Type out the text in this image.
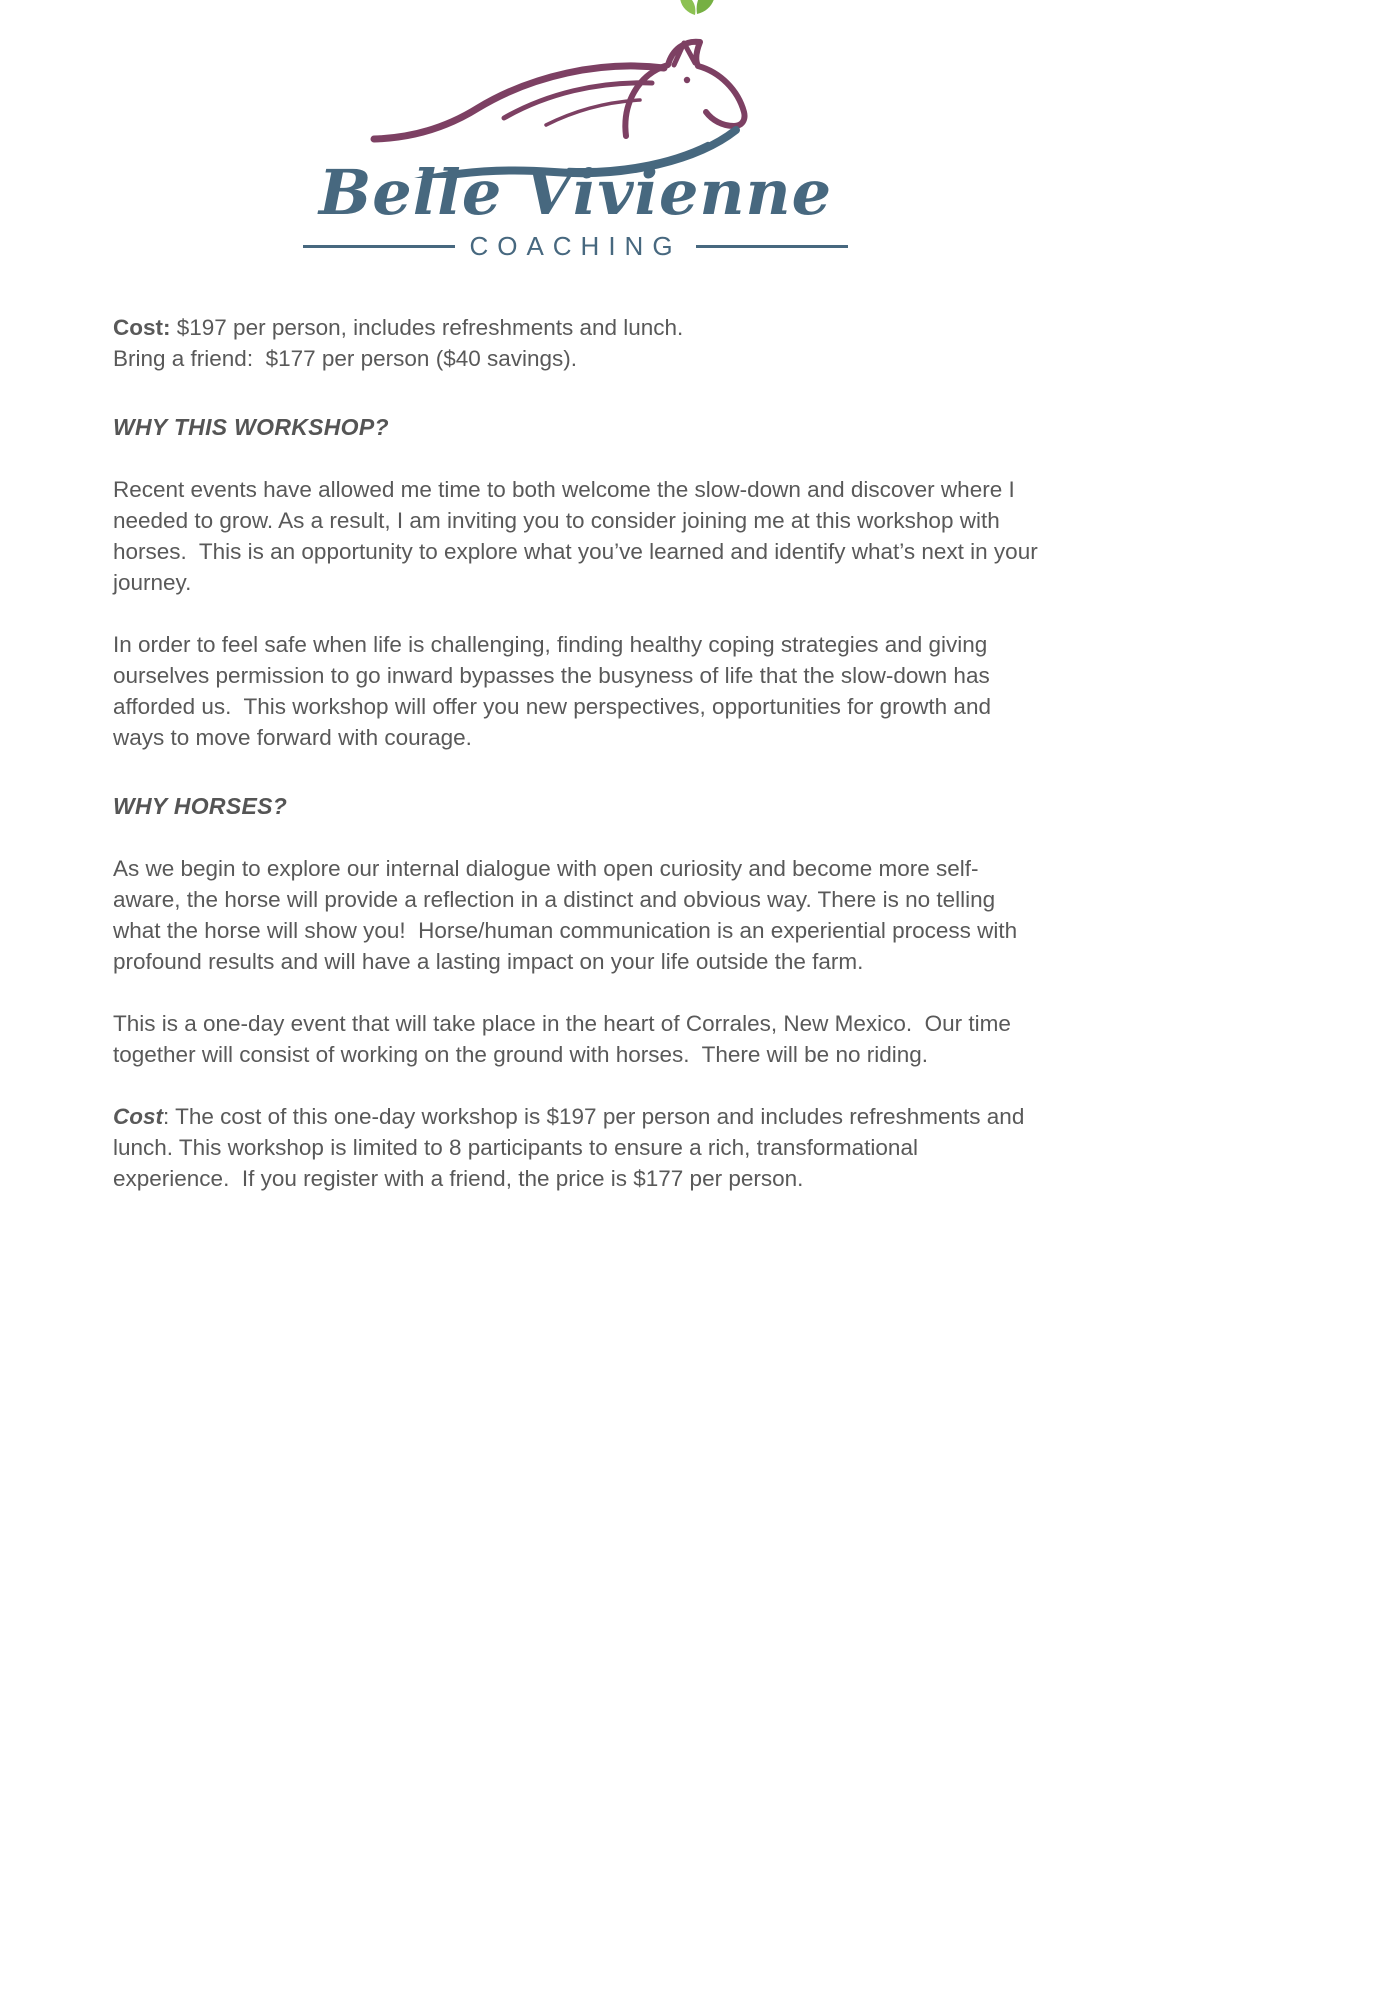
Belle Vivienne
COACHING

Cost: $197 per person, includes refreshments and lunch.
Bring a friend:  $177 per person ($40 savings).

WHY THIS WORKSHOP?

Recent events have allowed me time to both welcome the slow-down and discover where I needed to grow. As a result, I am inviting you to consider joining me at this workshop with horses.  This is an opportunity to explore what you’ve learned and identify what’s next in your journey.

In order to feel safe when life is challenging, finding healthy coping strategies and giving ourselves permission to go inward bypasses the busyness of life that the slow-down has afforded us.  This workshop will offer you new perspectives, opportunities for growth and ways to move forward with courage.

WHY HORSES?

As we begin to explore our internal dialogue with open curiosity and become more self-aware, the horse will provide a reflection in a distinct and obvious way. There is no telling what the horse will show you!  Horse/human communication is an experiential process with profound results and will have a lasting impact on your life outside the farm.

This is a one-day event that will take place in the heart of Corrales, New Mexico.  Our time together will consist of working on the ground with horses.  There will be no riding.

Cost: The cost of this one-day workshop is $197 per person and includes refreshments and lunch. This workshop is limited to 8 participants to ensure a rich, transformational experience.  If you register with a friend, the price is $177 per person.
